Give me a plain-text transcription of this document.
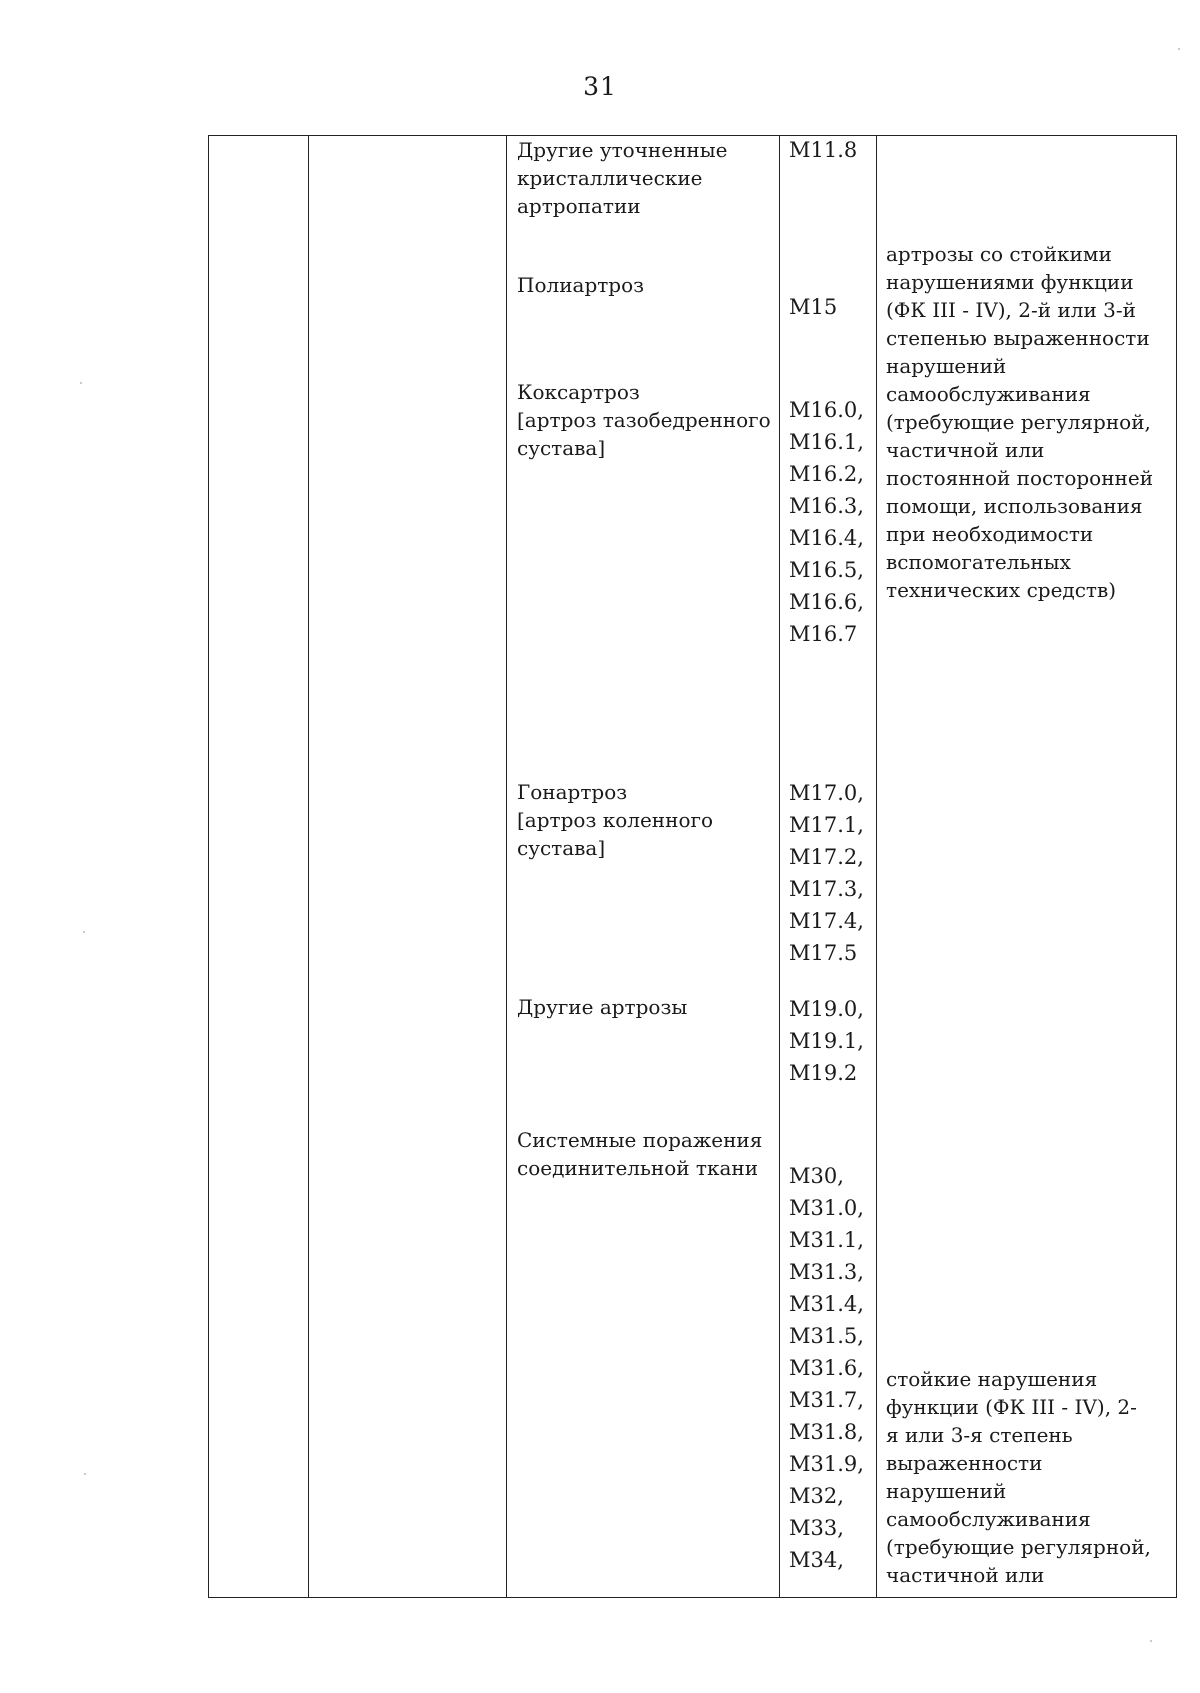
31
Другие уточненные
кристаллические
артропатии
Полиартроз
Коксартроз
[артроз тазобедренного
сустава]
Гонартроз
[артроз коленного
сустава]
Другие артрозы
Системные поражения
соединительной ткани
M11.8
M15
M16.0,
M16.1,
M16.2,
M16.3,
M16.4,
M16.5,
M16.6,
M16.7
M17.0,
M17.1,
M17.2,
M17.3,
M17.4,
M17.5
M19.0,
M19.1,
M19.2
M30,
M31.0,
M31.1,
M31.3,
M31.4,
M31.5,
M31.6,
M31.7,
M31.8,
M31.9,
M32,
M33,
M34,
артрозы со стойкими
нарушениями функции
(ФК III - IV), 2-й или 3-й
степенью выраженности
нарушений
самообслуживания
(требующие регулярной,
частичной или
постоянной посторонней
помощи, использования
при необходимости
вспомогательных
технических средств)
стойкие нарушения
функции (ФК III - IV), 2-
я или 3-я степень
выраженности
нарушений
самообслуживания
(требующие регулярной,
частичной или
